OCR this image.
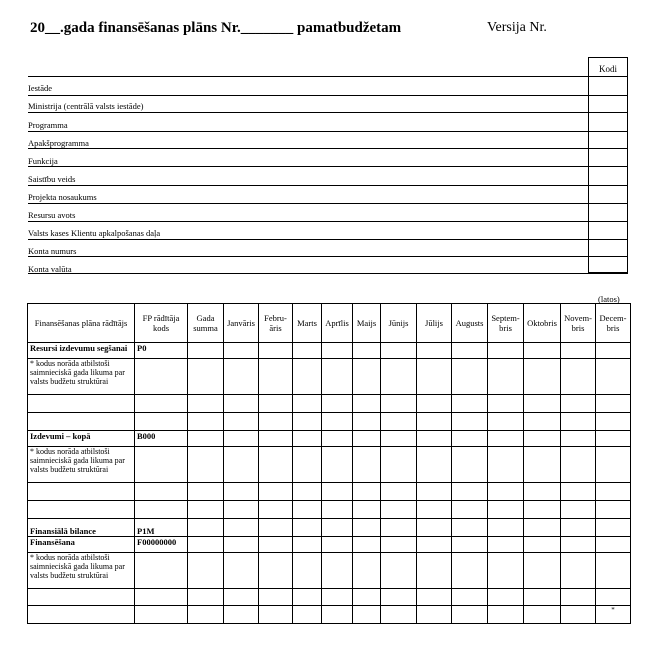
20__.gada finansēšanas plāns Nr._______ pamatbudžetam	Versija Nr.
Kodi
Iestāde
Ministrija (centrālā valsts iestāde)
Programma
Apakšprogramma
Funkcija
Saistību veids
Projekta nosaukums
Resursu avots
Valsts kases Klientu apkalpošanas daļa
Konta numurs
Konta valūta
(latos)
Finansēšanas plāna rādītājs	FP rādītāja kods	Gada summa	Janvāris	Febru-āris	Marts	Aprīlis	Maijs	Jūnijs	Jūlijs	Augusts	Septem-bris	Oktobris	Novem-bris	Decem-bris
Resursi izdevumu segšanai	P0													
* kodus norāda atbilstoši saimnieciskā gada likuma par valsts budžetu struktūrai														

Izdevumi – kopā	B000													
* kodus norāda atbilstoši saimnieciskā gada likuma par valsts budžetu struktūrai														

Finansiālā bilance	P1M													
Finansēšana	F00000000													
* kodus norāda atbilstoši saimnieciskā gada likuma par valsts budžetu struktūrai														

														*
